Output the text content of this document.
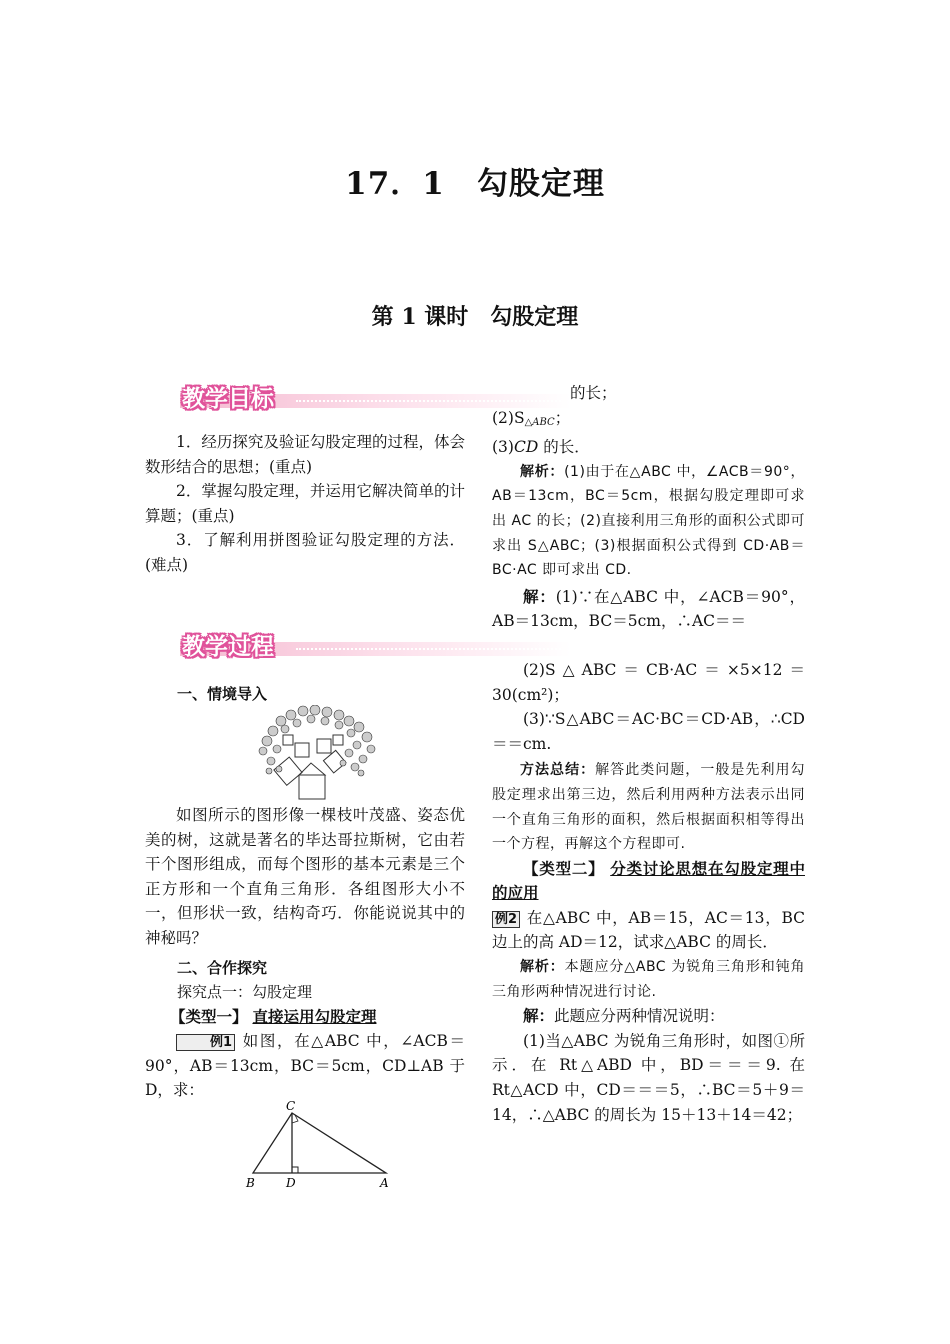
17．1　勾股定理
第 1 课时　勾股定理
教学目标

1．经历探究及验证勾股定理的过程，体会数形结合的思想；(重点)

2．掌握勾股定理，并运用它解决简单的计算题；(重点)

3．了解利用拼图验证勾股定理的方法．(难点)

教学过程
一、情境导入

如图所示的图形像一棵枝叶茂盛、姿态优美的树，这就是著名的毕达哥拉斯树，它由若干个图形组成，而每个图形的基本元素是三个正方形和一个直角三角形．各组图形大小不一，但形状一致，结构奇巧．你能说说其中的神秘吗？

二、合作探究
探究点一：勾股定理
【类型一】 直接运用勾股定理

例1 如图，在△ABC 中，∠ACB＝90°，AB＝13cm，BC＝5cm，CD⊥AB 于 D，求：

C
B	D	A

的长；

$(2)S_{\triangle ABC}$；

(3)CD 的长．

解析：(1)由于在△ABC 中，∠ACB＝90°，AB＝13cm，BC＝5cm，根据勾股定理即可求出 AC 的长；(2)直接利用三角形的面积公式即可求出 S△ABC；(3)根据面积公式得到 CD·AB＝BC·AC 即可求出 CD.

解：(1)∵在△ABC 中，∠ACB＝90°，AB＝13cm，BC＝5cm，∴AC＝＝

(2)S△ABC＝CB·AC＝×5×12＝30(cm²)；

(3)∵S△ABC＝AC·BC＝CD·AB，∴CD＝＝cm.

方法总结：解答此类问题，一般是先利用勾股定理求出第三边，然后利用两种方法表示出同一个直角三角形的面积，然后根据面积相等得出一个方程，再解这个方程即可.

【类型二】 分类讨论思想在勾股定理中的应用

例2 在△ABC 中，AB＝15，AC＝13，BC 边上的高 AD＝12，试求△ABC 的周长．

解析：本题应分△ABC 为锐角三角形和钝角三角形两种情况进行讨论.

解：此题应分两种情况说明：

(1)当△ABC 为锐角三角形时，如图①所示．在 Rt△ABD 中，BD＝＝＝9. 在Rt△ACD 中，CD＝＝＝5，∴BC＝5＋9＝14，∴△ABC 的周长为 15＋13＋14＝42；
